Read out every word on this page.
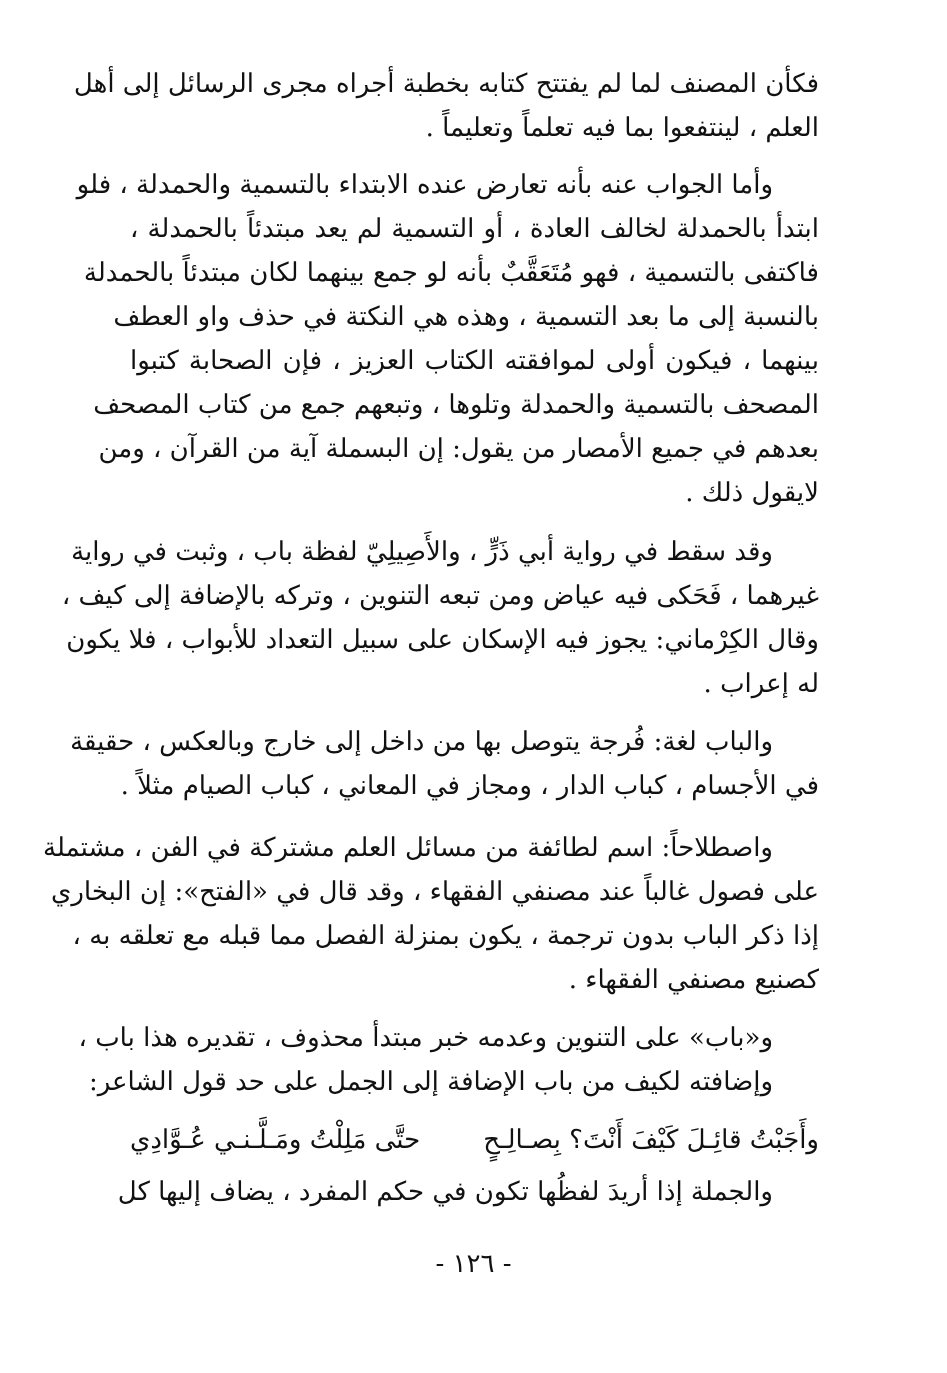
فكأن المصنف لما لم يفتتح كتابه بخطبة أجراه مجرى الرسائل إلى أهل
العلم ، لينتفعوا بما فيه تعلماً وتعليماً .
وأما الجواب عنه بأنه تعارض عنده الابتداء بالتسمية والحمدلة ، فلو
ابتدأ بالحمدلة لخالف العادة ، أو التسمية لم يعد مبتدئاً بالحمدلة ،
فاكتفى بالتسمية ، فهو مُتَعَقَّبٌ بأنه لو جمع بينهما لكان مبتدئاً بالحمدلة
بالنسبة إلى ما بعد التسمية ، وهذه هي النكتة في حذف واو العطف
بينهما ، فيكون أولى لموافقته الكتاب العزيز ، فإن الصحابة كتبوا
المصحف بالتسمية والحمدلة وتلوها ، وتبعهم جمع من كتاب المصحف
بعدهم في جميع الأمصار من يقول: إن البسملة آية من القرآن ، ومن
لايقول ذلك .
وقد سقط في رواية أبي ذَرٍّ ، والأَصِيلِيّ لفظة باب ، وثبت في رواية
غيرهما ، فَحَكى فيه عياض ومن تبعه التنوين ، وتركه بالإضافة إلى كيف ،
وقال الكِرْماني: يجوز فيه الإسكان على سبيل التعداد للأبواب ، فلا يكون
له إعراب .
والباب لغة: فُرجة يتوصل بها من داخل إلى خارج وبالعكس ، حقيقة
في الأجسام ، كباب الدار ، ومجاز في المعاني ، كباب الصيام مثلاً .
واصطلاحاً: اسم لطائفة من مسائل العلم مشتركة في الفن ، مشتملة
على فصول غالباً عند مصنفي الفقهاء ، وقد قال في «الفتح»: إن البخاري
إذا ذكر الباب بدون ترجمة ، يكون بمنزلة الفصل مما قبله مع تعلقه به ،
كصنيع مصنفي الفقهاء .
و«باب» على التنوين وعدمه خبر مبتدأ محذوف ، تقديره هذا باب ،
وإضافته لكيف من باب الإضافة إلى الجمل على حد قول الشاعر:
وأَجَبْتُ قائِـلَ كَيْفَ أَنْتَ؟ بِصـالِـحٍ
حتَّى مَلِلْتُ ومَـلَّـنـي عُـوَّادِي
والجملة إذا أريدَ لفظُها تكون في حكم المفرد ، يضاف إليها كل
- ١٢٦ -
